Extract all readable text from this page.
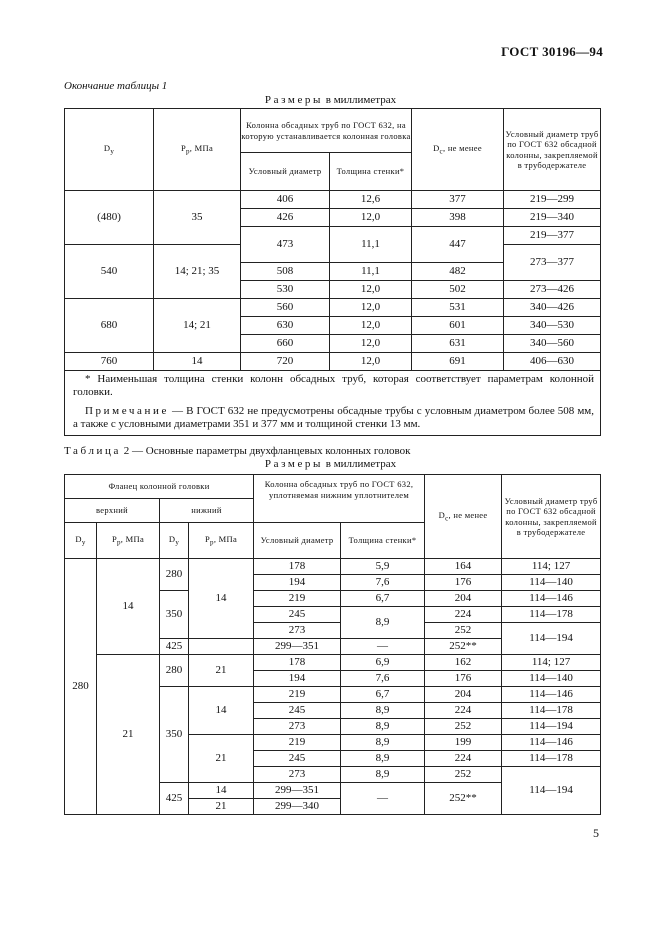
ГОСТ 30196—94
Окончание таблицы 1
Размеры в миллиметрах
$D_у$	$P_р$, МПа	Колонна обсадных труб по ГОСТ 632, на которую устанавливается колонная головка		$D_c$, не менее	Условный диаметр труб по ГОСТ 632 обсадной колонны, закрепляемой в трубодержателе
		Условный диаметр	Толщина стенки*		
(480)	35	406	12,6	377	219—299
		426	12,0	398	219—340
		473	11,1	447	219—377
540	14; 21; 35				273—377
		508	11,1	482	
		530	12,0	502	273—426
680	14; 21	560	12,0	531	340—426
		630	12,0	601	340—530
		660	12,0	631	340—560
760	14	720	12,0	691	406—630

* Наименьшая толщина стенки колонн обсадных труб, которая соответствует параметрам колонной головки.

Примечание — В ГОСТ 632 не предусмотрены обсадные трубы с условным диаметром более 508 мм, а также с условными диаметрами 351 и 377 мм и толщиной стенки 13 мм.					

Таблица 2 — Основные параметры двухфланцевых колонных головок
Размеры в миллиметрах
Фланец колонной головки				Колонна обсадных труб по ГОСТ 632, уплотняемая нижним уплотнителем		$D_c$, не менее	Условный диаметр труб по ГОСТ 632 обсадной колонны, закрепляемой в трубодержателе
верхний		нижний					
$D_у$	$P_р$, МПа	$D_у$	$P_р$, МПа	Условный диаметр	Толщина стенки*		
280	14	280	14	178	5,9	164	114; 127
				194	7,6	176	114—140
		350		219	6,7	204	114—146
				245	8,9	224	114—178
				273		252	114—194
		425		299—351	—	252**	
	21	280	21	178	6,9	162	114; 127
				194	7,6	176	114—140
		350	14	219	6,7	204	114—146
				245	8,9	224	114—178
				273	8,9	252	114—194
			21	219	8,9	199	114—146
				245	8,9	224	114—178
				273	8,9	252	114—194
		425	14	299—351	—	252**	
			21	299—340			
5
